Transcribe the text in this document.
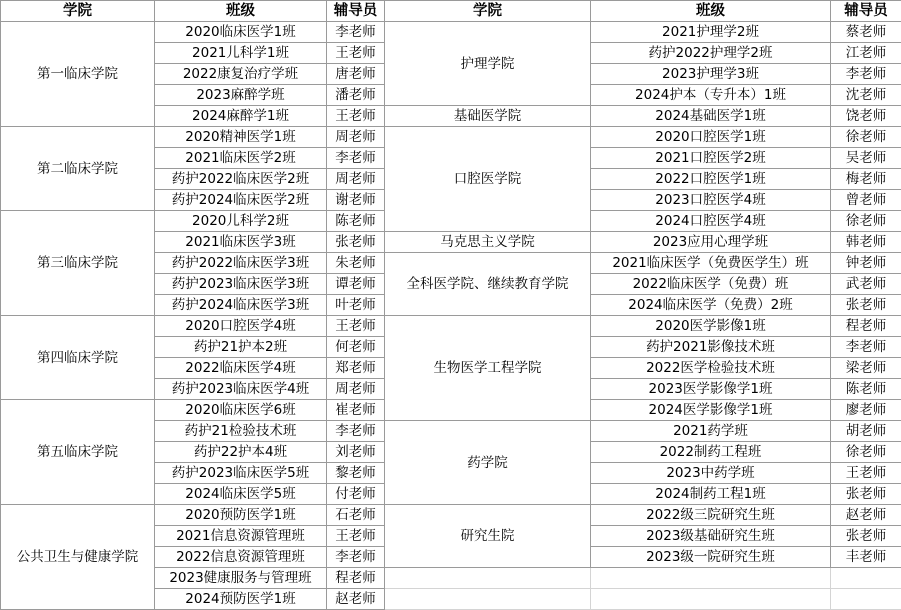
学院	班级	辅导员	学院	班级	辅导员
第一临床学院	2020临床医学1班	李老师	护理学院	2021护理学2班	蔡老师
	2021儿科学1班	王老师		药护2022护理学2班	江老师
	2022康复治疗学班	唐老师		2023护理学3班	李老师
	2023麻醉学班	潘老师		2024护本（专升本）1班	沈老师
	2024麻醉学1班	王老师	基础医学院	2024基础医学1班	饶老师
第二临床学院	2020精神医学1班	周老师	口腔医学院	2020口腔医学1班	徐老师
	2021临床医学2班	李老师		2021口腔医学2班	吴老师
	药护2022临床医学2班	周老师		2022口腔医学1班	梅老师
	药护2024临床医学2班	谢老师		2023口腔医学4班	曾老师
第三临床学院	2020儿科学2班	陈老师		2024口腔医学4班	徐老师
	2021临床医学3班	张老师	马克思主义学院	2023应用心理学班	韩老师
	药护2022临床医学3班	朱老师	全科医学院、继续教育学院	2021临床医学（免费医学生）班	钟老师
	药护2023临床医学3班	谭老师		2022临床医学（免费）班	武老师
	药护2024临床医学3班	叶老师		2024临床医学（免费）2班	张老师
第四临床学院	2020口腔医学4班	王老师	生物医学工程学院	2020医学影像1班	程老师
	药护21护本2班	何老师		药护2021影像技术班	李老师
	2022临床医学4班	郑老师		2022医学检验技术班	梁老师
	药护2023临床医学4班	周老师		2023医学影像学1班	陈老师
第五临床学院	2020临床医学6班	崔老师		2024医学影像学1班	廖老师
	药护21检验技术班	李老师	药学院	2021药学班	胡老师
	药护22护本4班	刘老师		2022制药工程班	徐老师
	药护2023临床医学5班	黎老师		2023中药学班	王老师
	2024临床医学5班	付老师		2024制药工程1班	张老师
公共卫生与健康学院	2020预防医学1班	石老师	研究生院	2022级三院研究生班	赵老师
	2021信息资源管理班	王老师		2023级基础研究生班	张老师
	2022信息资源管理班	李老师		2023级一院研究生班	丰老师
	2023健康服务与管理班	程老师			
	2024预防医学1班	赵老师			
